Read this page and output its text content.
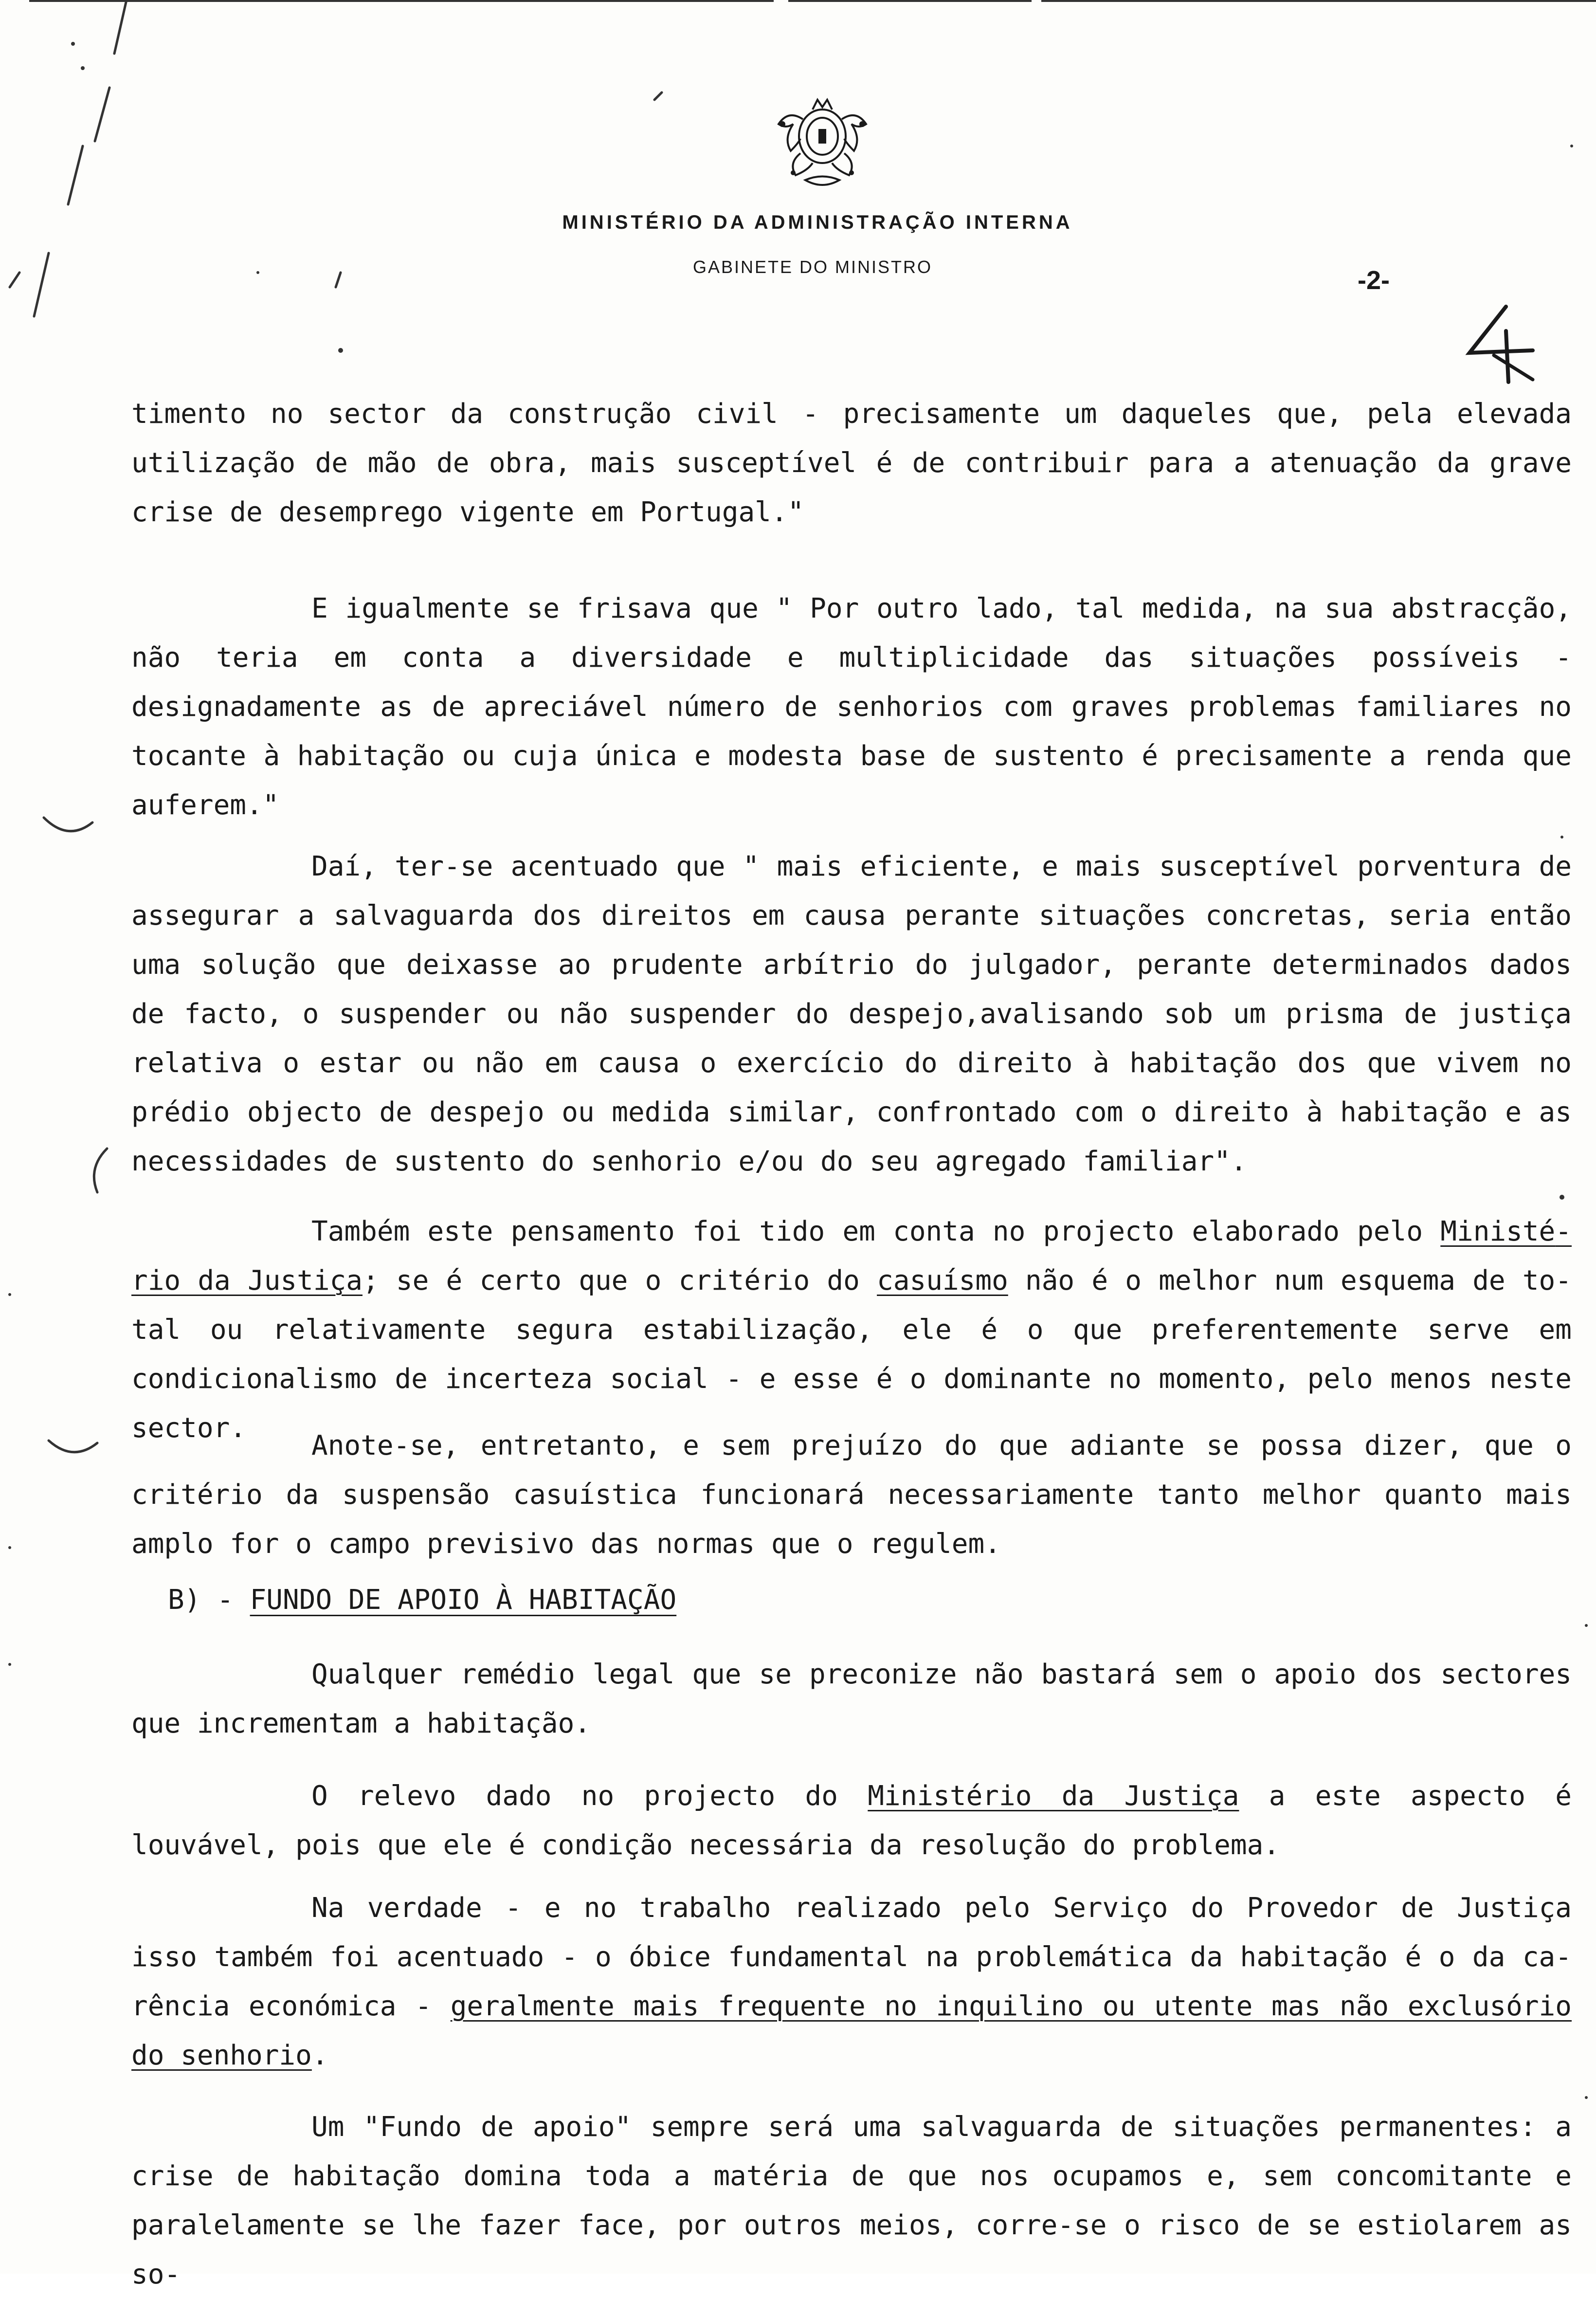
MINISTÉRIO DA ADMINISTRAÇÃO INTERNA
GABINETE DO MINISTRO	-2-

timento no sector da construção civil - precisamente um daqueles que, pela elevada utilização de mão de obra, mais susceptível é de contribuir para a atenuação da grave crise de desemprego vigente em Portugal."

E igualmente se frisava que " Por outro lado, tal medida, na sua abstracção, não teria em conta a diversidade e multiplicidade das situações possíveis - designadamente as de apreciável número de senhorios com graves problemas familiares no tocante à habitação ou cuja única e modesta base de sustento é precisamente a renda que auferem."

Daí, ter-se acentuado que " mais eficiente, e mais susceptível porventura de assegurar a salvaguarda dos direitos em causa perante situações concretas, seria então uma solução que deixasse ao prudente arbítrio do julgador, perante determinados dados de facto, o suspender ou não suspender do despejo,avalisando sob um prisma de justiça relativa o estar ou não em causa o exercício do direito à habitação dos que vivem no prédio objecto de despejo ou medida similar, confrontado com o direito à habitação e as necessidades de sustento do senhorio e/ou do seu agregado familiar".

Também este pensamento foi tido em conta no projecto elaborado pelo Ministério da Justiça; se é certo que o critério do casuísmo não é o melhor num esquema de total ou relativamente segura estabilização, ele é o que preferentemente serve em condicionalismo de incerteza social - e esse é o dominante no momento, pelo menos neste sector.

Anote-se, entretanto, e sem prejuízo do que adiante se possa dizer, que o critério da suspensão casuística funcionará necessariamente tanto melhor quanto mais amplo for o campo previsivo das normas que o regulem.

B) - FUNDO DE APOIO À HABITAÇÃO

Qualquer remédio legal que se preconize não bastará sem o apoio dos sectores que incrementam a habitação.

O relevo dado no projecto do Ministério da Justiça a este aspecto é louvável, pois que ele é condição necessária da resolução do problema.

Na verdade - e no trabalho realizado pelo Serviço do Provedor de Justiça isso também foi acentuado - o óbice fundamental na problemática da habitação é o da carência económica - geralmente mais frequente no inquilino ou utente mas não exclusório do senhorio.

Um "Fundo de apoio" sempre será uma salvaguarda de situações permanentes: a crise de habitação domina toda a matéria de que nos ocupamos e, sem concomitante e paralelamente se lhe fazer face, por outros meios, corre-se o risco de se estiolarem as so-
